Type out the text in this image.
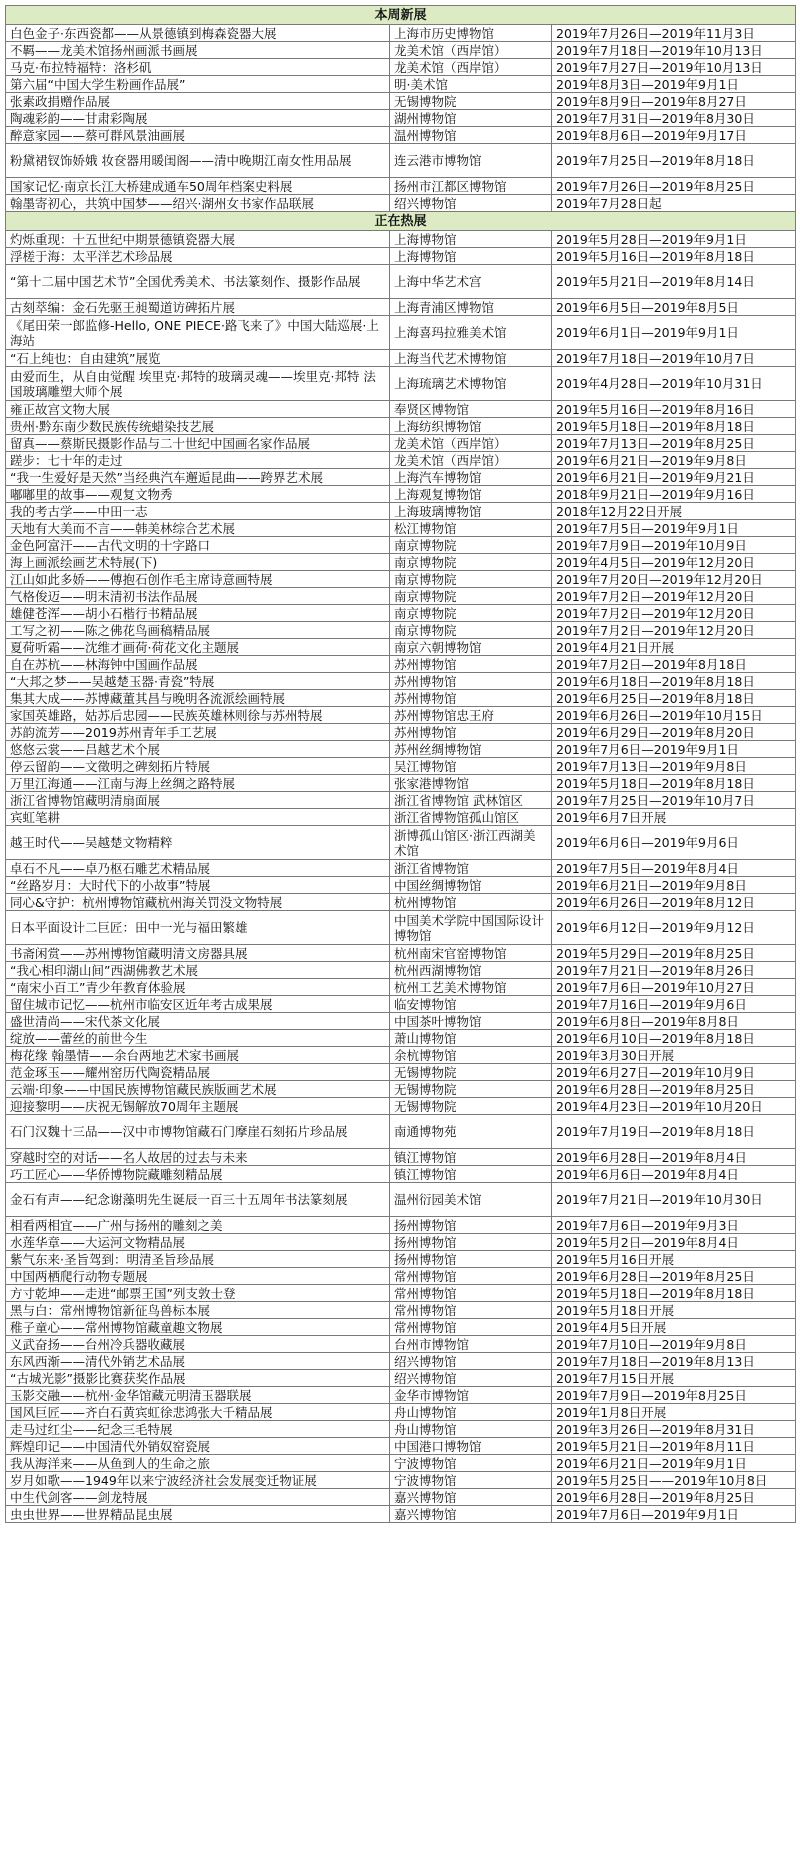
本周新展		
白色金子·东西瓷都——从景德镇到梅森瓷器大展	上海市历史博物馆	2019年7月26日—2019年11月3日
不羁——龙美术馆扬州画派书画展	龙美术馆（西岸馆）	2019年7月18日—2019年10月13日
马克·布拉特福特：洛杉矶	龙美术馆（西岸馆）	2019年7月27日—2019年10月13日
第六届“中国大学生粉画作品展”	明·美术馆	2019年8月3日—2019年9月1日
张素政捐赠作品展	无锡博物院	2019年8月9日—2019年8月27日
陶魂彩韵——甘肃彩陶展	湖州博物馆	2019年7月31日—2019年8月30日
醉意家园——蔡可群风景油画展	温州博物馆	2019年8月6日—2019年9月17日
粉黛裙钗饰娇娥 妆奁器用暖闺阁——清中晚期江南女性用品展	连云港市博物馆	2019年7月25日—2019年8月18日
国家记忆·南京长江大桥建成通车50周年档案史料展	扬州市江都区博物馆	2019年7月26日—2019年8月25日
翰墨寄初心，共筑中国梦——绍兴·湖州女书家作品联展	绍兴博物馆	2019年7月28日起
正在热展		
灼烁重现：十五世纪中期景德镇瓷器大展	上海博物馆	2019年5月28日—2019年9月1日
浮槎于海：太平洋艺术珍品展	上海博物馆	2019年5月16日—2019年8月18日
“第十二届中国艺术节”全国优秀美术、书法篆刻作、摄影作品展	上海中华艺术宫	2019年5月21日—2019年8月14日
古刻萃编：金石先驱王昶蜀道访碑拓片展	上海青浦区博物馆	2019年6月5日—2019年8月5日
《尾田荣一郎监修-Hello, ONE PIECE·路飞来了》中国大陆巡展·上海站	上海喜玛拉雅美术馆	2019年6月1日—2019年9月1日
“石上纯也：自由建筑”展览	上海当代艺术博物馆	2019年7月18日—2019年10月7日
由爱而生，从自由觉醒 埃里克·邦特的玻璃灵魂——埃里克·邦特 法国玻璃雕塑大师个展	上海琉璃艺术博物馆	2019年4月28日—2019年10月31日
雍正故宫文物大展	奉贤区博物馆	2019年5月16日—2019年8月16日
贵州·黔东南少数民族传统蜡染技艺展	上海纺织博物馆	2019年5月18日—2019年8月18日
留真——蔡斯民摄影作品与二十世纪中国画名家作品展	龙美术馆（西岸馆）	2019年7月13日—2019年8月25日
蹉步：七十年的走过	龙美术馆（西岸馆）	2019年6月21日—2019年9月8日
“我一生爱好是天然”当经典汽车邂逅昆曲——跨界艺术展	上海汽车博物馆	2019年6月21日—2019年9月21日
嘟嘟里的故事——观复文物秀	上海观复博物馆	2018年9月21日—2019年9月16日
我的考古学——中田一志	上海玻璃博物馆	2018年12月22日开展
天地有大美而不言——韩美林综合艺术展	松江博物馆	2019年7月5日—2019年9月1日
金色阿富汗——古代文明的十字路口	南京博物院	2019年7月9日—2019年10月9日
海上画派绘画艺术特展(下)	南京博物院	2019年4月5日—2019年12月20日
江山如此多娇——傅抱石创作毛主席诗意画特展	南京博物院	2019年7月20日—2019年12月20日
气格俊迈——明末清初书法作品展	南京博物院	2019年7月2日—2019年12月20日
雄健苍浑——胡小石楷行书精品展	南京博物院	2019年7月2日—2019年12月20日
工写之初——陈之佛花鸟画稿精品展	南京博物院	2019年7月2日—2019年12月20日
夏荷听霜——沈维才画荷·荷花文化主题展	南京六朝博物馆	2019年4月21日开展
自在苏杭——林海钟中国画作品展	苏州博物馆	2019年7月2日—2019年8月18日
“大邦之梦——吴越楚玉器·青瓷”特展	苏州博物馆	2019年6月18日—2019年8月18日
集其大成——苏博藏董其昌与晚明各流派绘画特展	苏州博物馆	2019年6月25日—2019年8月18日
家国英雄路，姑苏后忠园——民族英雄林则徐与苏州特展	苏州博物馆忠王府	2019年6月26日—2019年10月15日
苏韵流芳——2019苏州青年手工艺展	苏州博物馆	2019年6月29日—2019年8月20日
悠悠云裳——吕越艺术个展	苏州丝绸博物馆	2019年7月6日—2019年9月1日
停云留韵——文徵明之碑刻拓片特展	吴江博物馆	2019年7月13日—2019年9月8日
万里江海通——江南与海上丝绸之路特展	张家港博物馆	2019年5月18日—2019年8月18日
浙江省博物馆藏明清扇面展	浙江省博物馆 武林馆区	2019年7月25日—2019年10月7日
宾虹笔耕	浙江省博物馆孤山馆区	2019年6月7日开展
越王时代——吴越楚文物精粹	浙博孤山馆区·浙江西湖美术馆	2019年6月6日—2019年9月6日
卓石不凡——卓乃枢石雕艺术精品展	浙江省博物馆	2019年7月5日—2019年8月4日
“丝路岁月：大时代下的小故事”特展	中国丝绸博物馆	2019年6月21日—2019年9月8日
同心&守护：杭州博物馆藏杭州海关罚没文物特展	杭州博物馆	2019年6月26日—2019年8月12日
日本平面设计二巨匠：田中一光与福田繁雄	中国美术学院中国国际设计博物馆	2019年6月12日—2019年9月12日
书斋闲赏——苏州博物馆藏明清文房器具展	杭州南宋官窑博物馆	2019年5月29日—2019年8月25日
“我心相印湖山间”西湖佛教艺术展	杭州西湖博物馆	2019年7月21日—2019年8月26日
“南宋小百工”青少年教育体验展	杭州工艺美术博物馆	2019年7月6日—2019年10月27日
留住城市记忆——杭州市临安区近年考古成果展	临安博物馆	2019年7月16日—2019年9月6日
盛世清尚——宋代茶文化展	中国茶叶博物馆	2019年6月8日—2019年8月8日
绽放——蕾丝的前世今生	萧山博物馆	2019年6月10日—2019年8月18日
梅花缘 翰墨情——余台两地艺术家书画展	余杭博物馆	2019年3月30日开展
范金琢玉——耀州窑历代陶瓷精品展	无锡博物院	2019年6月27日—2019年10月9日
云端·印象——中国民族博物馆藏民族版画艺术展	无锡博物院	2019年6月28日—2019年8月25日
迎接黎明——庆祝无锡解放70周年主题展	无锡博物院	2019年4月23日—2019年10月20日
石门汉魏十三品——汉中市博物馆藏石门摩崖石刻拓片珍品展	南通博物苑	2019年7月19日—2019年8月18日
穿越时空的对话——名人故居的过去与未来	镇江博物馆	2019年6月28日—2019年8月4日
巧工匠心——华侨博物院藏雕刻精品展	镇江博物馆	2019年6月6日—2019年8月4日
金石有声——纪念谢藻明先生诞辰一百三十五周年书法篆刻展	温州衍园美术馆	2019年7月21日—2019年10月30日
相看两相宜——广州与扬州的雕刻之美	扬州博物馆	2019年7月6日—2019年9月3日
水莲华章——大运河文物精品展	扬州博物馆	2019年5月2日—2019年8月4日
紫气东来·圣旨驾到：明清圣旨珍品展	扬州博物馆	2019年5月16日开展
中国两栖爬行动物专题展	常州博物馆	2019年6月28日—2019年8月25日
方寸乾坤——走进“邮票王国”列支敦士登	常州博物馆	2019年5月18日—2019年8月18日
黑与白：常州博物馆新征鸟兽标本展	常州博物馆	2019年5月18日开展
稚子童心——常州博物馆藏童趣文物展	常州博物馆	2019年4月5日开展
义武奋扬——台州冷兵器收藏展	台州市博物馆	2019年7月10日—2019年9月8日
东风西渐——清代外销艺术品展	绍兴博物馆	2019年7月18日—2019年8月13日
“古城光影”摄影比赛获奖作品展	绍兴博物馆	2019年7月15日开展
玉影交融——杭州·金华馆藏元明清玉器联展	金华市博物馆	2019年7月9日—2019年8月25日
国风巨匠——齐白石黄宾虹徐悲鸿张大千精品展	舟山博物馆	2019年1月8日开展
走马过红尘——纪念三毛特展	舟山博物馆	2019年3月26日—2019年8月31日
辉煌印记——中国清代外销奴窑瓷展	中国港口博物馆	2019年5月21日—2019年8月11日
我从海洋来——从鱼到人的生命之旅	宁波博物馆	2019年6月21日—2019年9月1日
岁月如歌——1949年以来宁波经济社会发展变迁物证展	宁波博物馆	2019年5月25日——2019年10月8日
中生代剑客——剑龙特展	嘉兴博物馆	2019年6月28日—2019年8月25日
虫虫世界——世界精品昆虫展	嘉兴博物馆	2019年7月6日—2019年9月1日
